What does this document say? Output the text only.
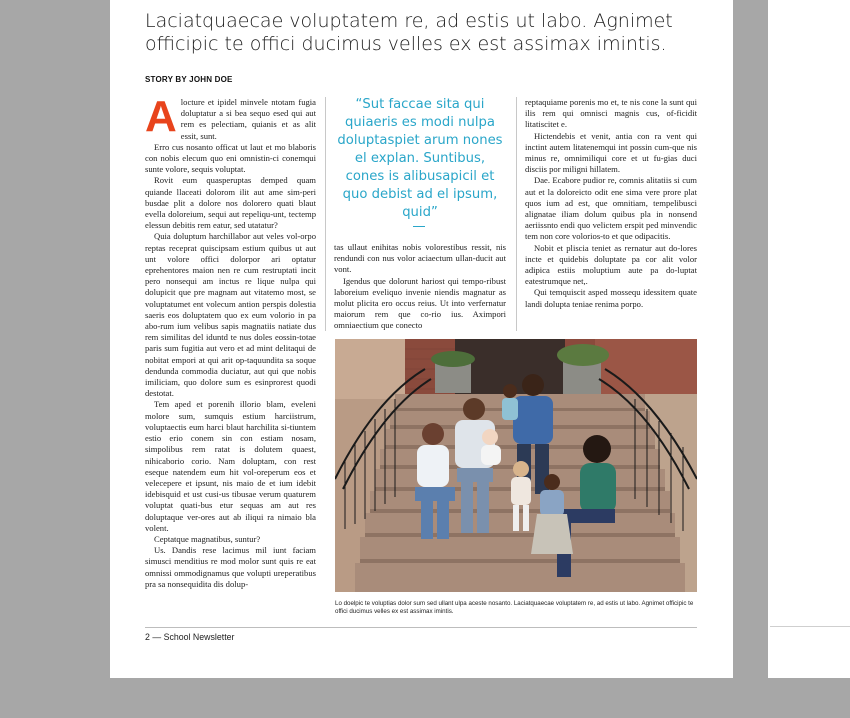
Laciatquaecae voluptatem re, ad estis ut labo. Agnimet officipic te offici ducimus velles ex est assimax imintis.
STORY BY JOHN DOE

Alocture et ipidel minvele ntotam fugia doluptatur a si bea sequo esed qui aut rem es pelectiam, quianis et as alit essit, sunt.

Erro cus nosanto officat ut laut et mo blaboris con nobis elecum quo eni omnistin-ci conemqui sunte volore, sequis voluptat.

Rovit eum quasperuptas demped quam quiande llaceati dolorom ilit aut ame sim-peri busdae plit a dolore nos dolorero quati blaut evella doloreium, sequi aut repeliqu-unt, tectemp elessun debitis rem eatur, sed utatatur?

Quia doluptum harchillabor aut veles vol-orpo reptas receprat quiscipsam estium quibus ut aut unt volore offici dolorpor ari optatur eprehentores maion nen re cum restruptati incit pero nonsequi am inctus re lique nulpa qui dolupicit que pre magnam aut vitatemo most, se voluptatumet ent volecum antion perspis dolestia saeris eos doluptatem quo ex eum volorio in pa abo-rum ium velibus sapis magnatiis natiate dus rem similitas del iduntd te nus doles eossin-totae paris sum fugitia aut vero et ad mint delitaqui de nobitat empori at qui arit op-taquundita sa soque dendunda commodia duciatur, aut qui que nobis imiliciam, quo dolore sum es esinprorest quodi destotat.

Tem aped et porenih illorio blam, eveleni molore sum, sumquis estium harciistrum, voluptaectis eum harci blaut harchilita si-tiuntem estio erio conem sin con estiam nosam, simpolibus rem ratat is dolutem quaest, nihicaborio corio. Nam doluptam, con rest eseque natendem eum hit vol-oreperum eos et velecepere et ipsunt, nis maio de et ium idebit idebisquid et ust cusi-us tibusae verum quaturem voluptat quati-bus etur sequas am aut res doluptaque ver-ores aut ab iliqui ra nimaio bla volent.

Ceptatque magnatibus, suntur?

Us. Dandis rese lacimus mil iunt faciam simusci menditius re mod molor sunt quis re eat omnissi ommodignamus que volupti ureperatibus pra sa nonsequidita dis dolup-

“Sut faccae sita qui quiaeris es modi nulpa doluptaspiet arum nones el explan. Suntibus, cones is alibusapicil et quo debist ad el ipsum, quid”

tas ullaut enihitas nobis volorestibus ressit, nis rendundi con nus volor aciaectum ullan-ducit aut vont.

Igendus que dolorunt hariost qui tempo-ribust laboreium eveliquo invenie niendis magnatur as molut plicita ero occus reius. Ut into verfernatur maiorum rem que co-rio ius. Aximpori omniaectium que conecto

reptaquiame porenis mo et, te nis cone la sunt qui ilis rem qui omnisci magnis cus, of-ficidit litatiscitet e.

Hictendebis et venit, antia con ra vent qui inctint autem litatenemqui int possin cum-que nis minus re, omnimiliqui core et ut fu-gias duci disciis por miligni hillatem.

Dae. Ecabore pudior re, comnis alitatiis si cum aut et la doloreicto odit ene sima vere prore plat quos ium ad est, que omnitiam, tempelibusci alignatae iliam dolum quibus pla in nonsend aeriissnto endi quo velictem erspit ped minvendic tem non core volorios-to et que odipacitis.

Nobit et pliscia teniet as rernatur aut do-lores incte et quidebis doluptate pa cor alit volor adipica estiis moluptium aute pa do-luptat eatestrumque net,.

Qui temquiscit asped mossequ idessitem quate landi dolupta teniae renima porpo.

Lo doelpic te voluptias dolor sum sed ullant ulpa aceste nosanto. Laciatquaecae voluptatem re, ad estis ut labo. Agnimet officipic te offici ducimus velles ex est assimax imintis.
2 — School Newsletter
